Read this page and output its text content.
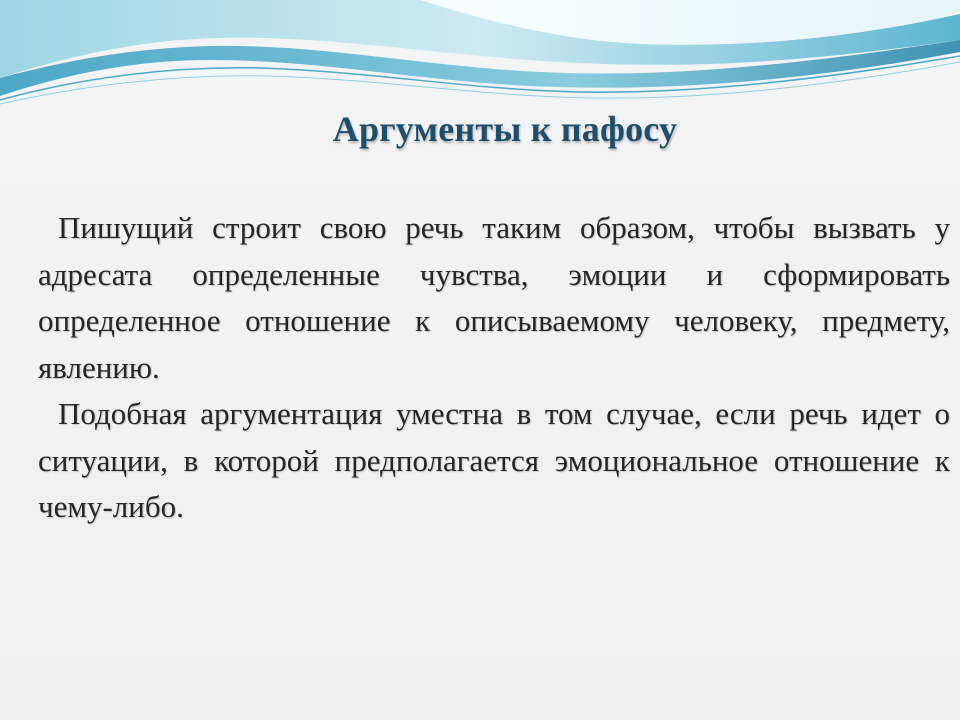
Аргументы к пафосу

Пишущий строит свою речь таким образом, чтобы вызвать у адресата определенные чувства, эмоции и сформировать определенное отношение к описываемому человеку, предмету, явлению.

Подобная аргументация уместна в том случае, если речь идет о ситуации, в которой предполагается эмоциональное отношение к чему-либо.
